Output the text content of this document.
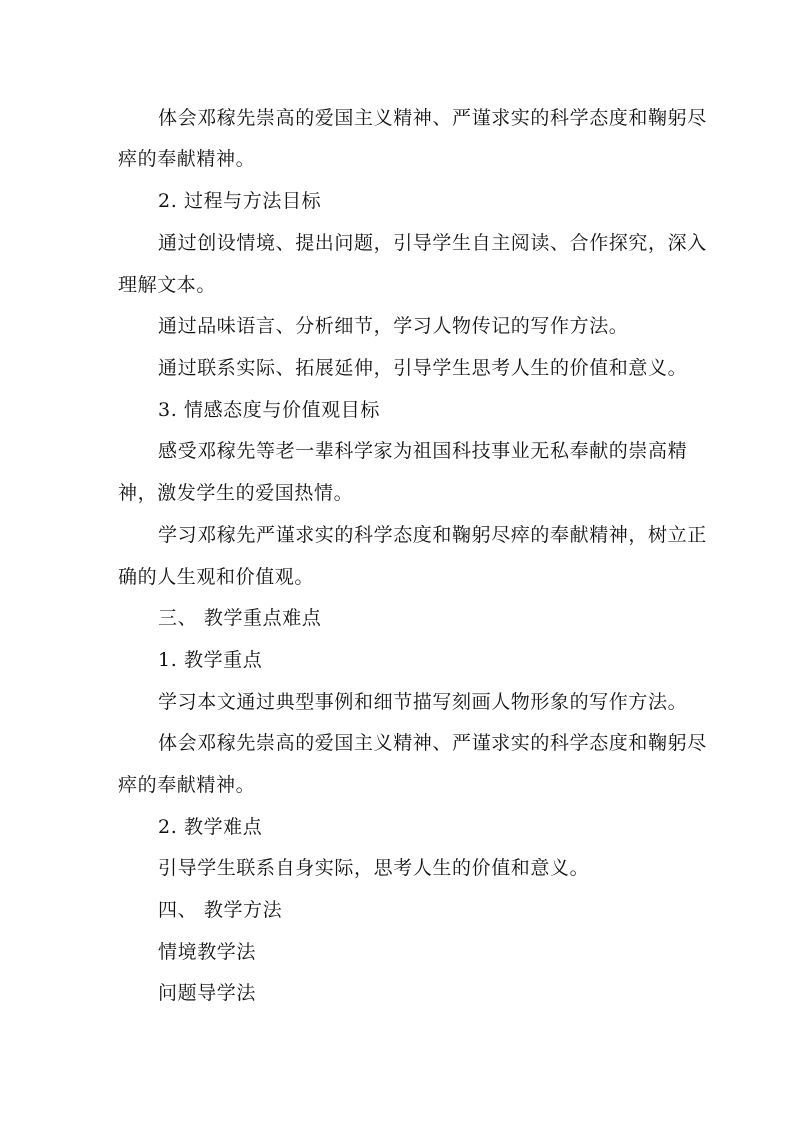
体会邓稼先崇高的爱国主义精神、严谨求实的科学态度和鞠躬尽
瘁的奉献精神。
2. 过程与方法目标
通过创设情境、提出问题，引导学生自主阅读、合作探究，深入
理解文本。
通过品味语言、分析细节，学习人物传记的写作方法。
通过联系实际、拓展延伸，引导学生思考人生的价值和意义。
3. 情感态度与价值观目标
感受邓稼先等老一辈科学家为祖国科技事业无私奉献的崇高精
神，激发学生的爱国热情。
学习邓稼先严谨求实的科学态度和鞠躬尽瘁的奉献精神，树立正
确的人生观和价值观。
三、 教学重点难点
1. 教学重点
学习本文通过典型事例和细节描写刻画人物形象的写作方法。
体会邓稼先崇高的爱国主义精神、严谨求实的科学态度和鞠躬尽
瘁的奉献精神。
2. 教学难点
引导学生联系自身实际，思考人生的价值和意义。
四、 教学方法
情境教学法
问题导学法
